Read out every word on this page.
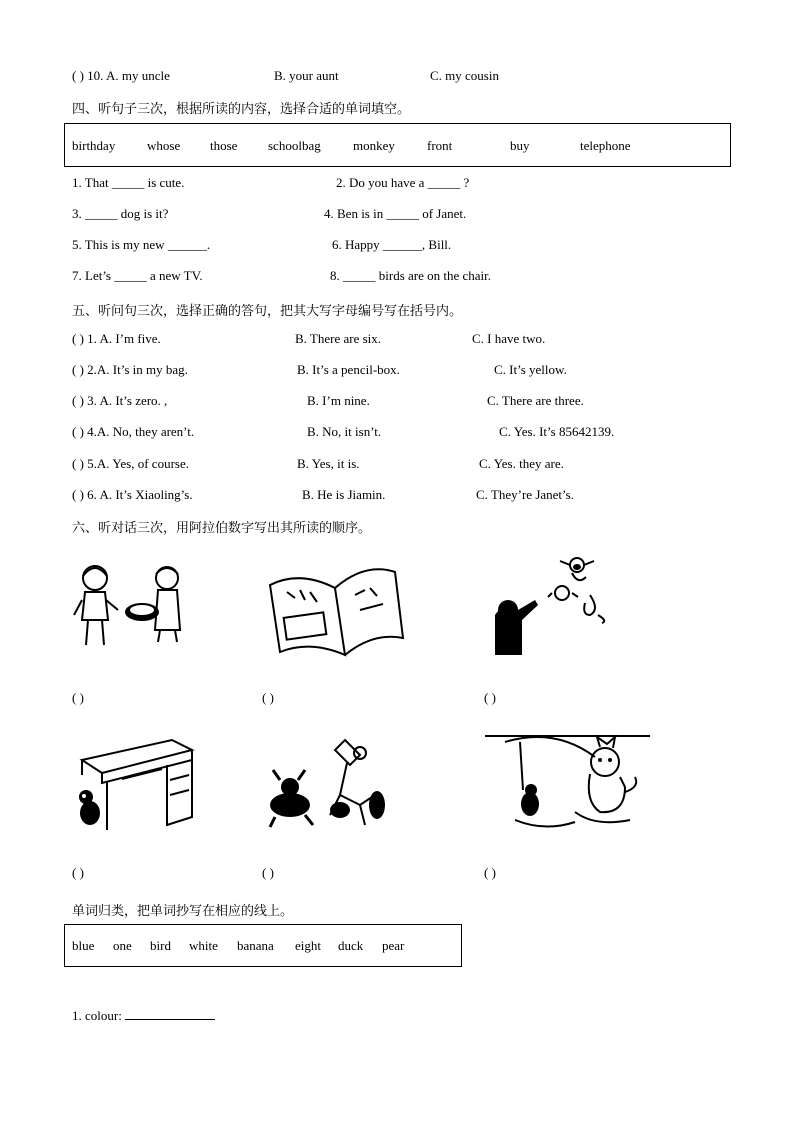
( ) 10. A. my uncle	B. your aunt	C. my cousin
四、听句子三次，根据所读的内容，选择合适的单词填空。
birthday whose those schoolbag monkey front	buy	telephone
1. That _____ is cute.	2. Do you have a _____ ?
3. _____ dog is it?	4. Ben is in _____ of Janet.
5. This is my new ______.	6. Happy ______, Bill.
7. Let’s _____ a new TV.	8. _____ birds are on the chair.
五、听问句三次，选择正确的答句，把其大写字母编号写在括号内。
( ) 1. A. I’m five.	B. There are six.	C. I have two.
( ) 2.A. It’s in my bag.	B. It’s a pencil-box.	C. It’s yellow.
( ) 3. A. It’s zero. ,	B. I’m nine.	C. There are three.
( ) 4.A. No, they aren’t.	B. No, it isn’t.	C. Yes. It’s 85642139.
( ) 5.A. Yes, of course.	B. Yes, it is.	C. Yes. they are.
( ) 6. A. It’s Xiaoling’s.	B. He is Jiamin.	C. They’re Janet’s.
六、听对话三次，用阿拉伯数字写出其所读的顺序。
( )	( )	( )
( )	( )	( )
单词归类，把单词抄写在相应的线上。
blue one bird white banana eight duck pear
1. colour:
